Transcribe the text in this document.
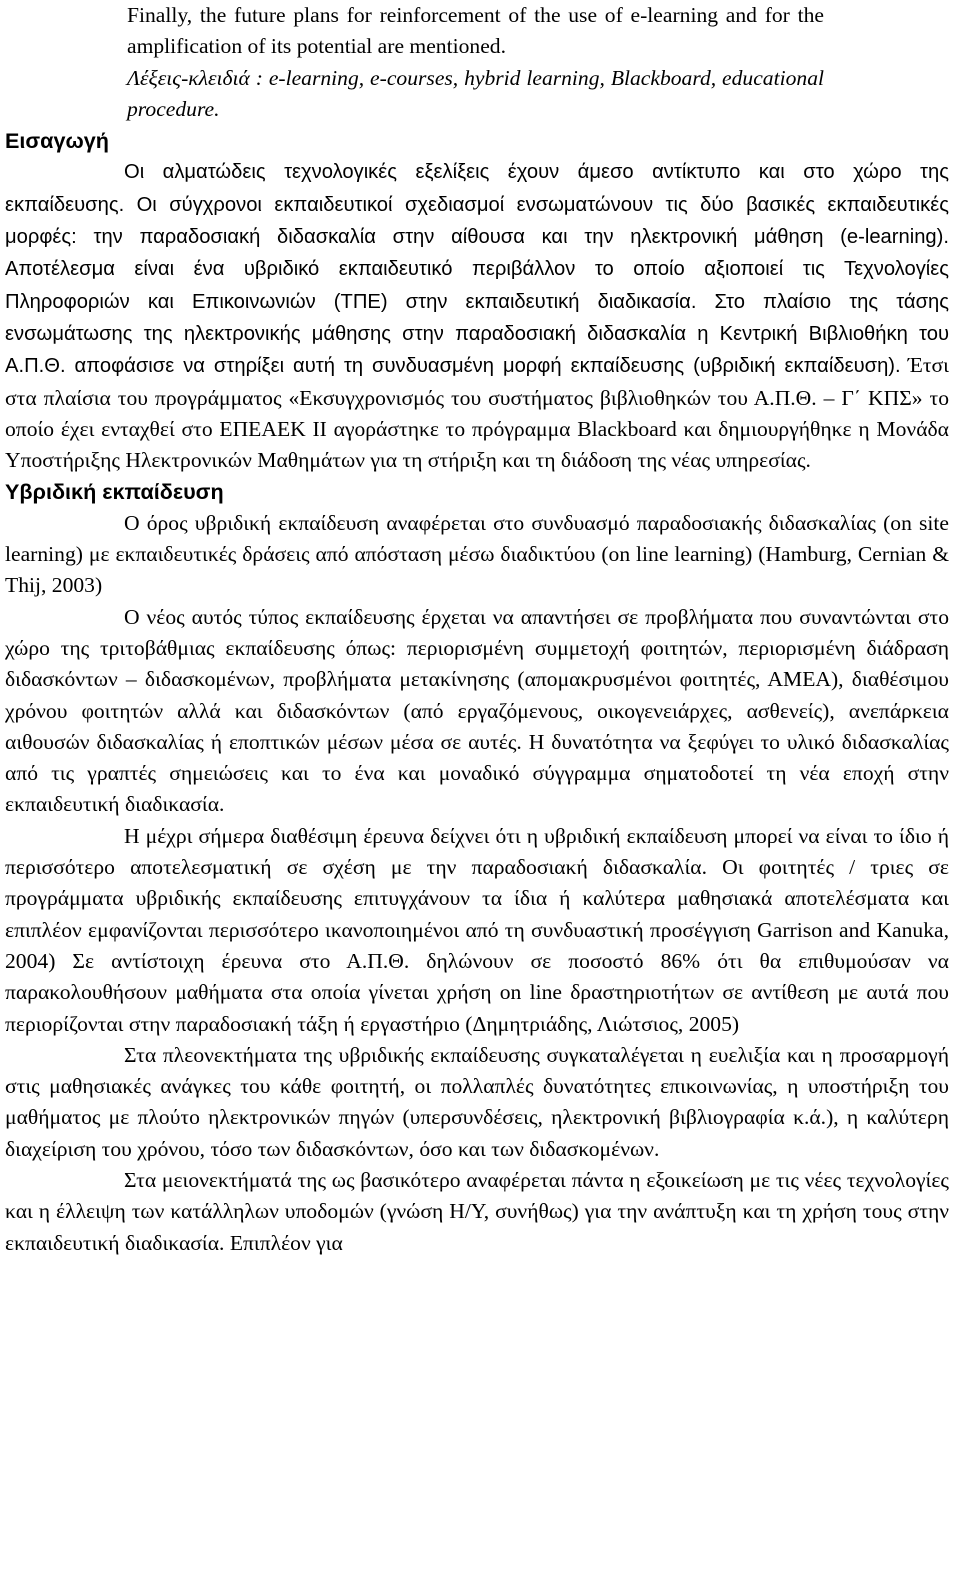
Finally, the future plans for reinforcement of the use of e-learning and for the amplification of its potential are mentioned.

Λέξεις-κλειδιά : e-learning, e-courses, hybrid learning, Blackboard, educational procedure.

Εισαγωγή

Οι αλματώδεις τεχνολογικές εξελίξεις έχουν άμεσο αντίκτυπο και στο χώρο της εκπαίδευσης. Οι σύγχρονοι εκπαιδευτικοί σχεδιασμοί ενσωματώνουν τις δύο βασικές εκπαιδευτικές μορφές: την παραδοσιακή διδασκαλία στην αίθουσα και την ηλεκτρονική μάθηση (e-learning). Αποτέλεσμα είναι ένα υβριδικό εκπαιδευτικό περιβάλλον το οποίο αξιοποιεί τις Τεχνολογίες Πληροφοριών και Επικοινωνιών (ΤΠΕ) στην εκπαιδευτική διαδικασία. Στο πλαίσιο της τάσης ενσωμάτωσης της ηλεκτρονικής μάθησης στην παραδοσιακή διδασκαλία η Κεντρική Βιβλιοθήκη του Α.Π.Θ. αποφάσισε να στηρίξει αυτή τη συνδυασμένη μορφή εκπαίδευσης (υβριδική εκπαίδευση). Έτσι στα πλαίσια του προγράμματος «Εκσυγχρονισμός του συστήματος βιβλιοθηκών του Α.Π.Θ. – Γ΄ ΚΠΣ» το οποίο έχει ενταχθεί στο ΕΠΕΑΕΚ ΙΙ αγοράστηκε το πρόγραμμα Blackboard και δημιουργήθηκε η Μονάδα Υποστήριξης Ηλεκτρονικών Μαθημάτων για τη στήριξη και τη διάδοση της νέας υπηρεσίας.

Υβριδική εκπαίδευση

Ο όρος υβριδική εκπαίδευση αναφέρεται στο συνδυασμό παραδοσιακής διδασκαλίας (on site learning) με εκπαιδευτικές δράσεις από απόσταση μέσω διαδικτύου (on line learning) (Hamburg, Cernian & Thij, 2003)

Ο νέος αυτός τύπος εκπαίδευσης έρχεται να απαντήσει σε προβλήματα που συναντώνται στο χώρο της τριτοβάθμιας εκπαίδευσης όπως: περιορισμένη συμμετοχή φοιτητών, περιορισμένη διάδραση διδασκόντων – διδασκομένων, προβλήματα μετακίνησης (απομακρυσμένοι φοιτητές, ΑΜΕΑ), διαθέσιμου χρόνου φοιτητών αλλά και διδασκόντων (από εργαζόμενους, οικογενειάρχες, ασθενείς), ανεπάρκεια αιθουσών διδασκαλίας ή εποπτικών μέσων μέσα σε αυτές. Η δυνατότητα να ξεφύγει το υλικό διδασκαλίας από τις γραπτές σημειώσεις και το ένα και μοναδικό σύγγραμμα σηματοδοτεί τη νέα εποχή στην εκπαιδευτική διαδικασία.

Η μέχρι σήμερα διαθέσιμη έρευνα δείχνει ότι η υβριδική εκπαίδευση μπορεί να είναι το ίδιο ή περισσότερο αποτελεσματική σε σχέση με την παραδοσιακή διδασκαλία. Οι φοιτητές / τριες σε προγράμματα υβριδικής εκπαίδευσης επιτυγχάνουν τα ίδια ή καλύτερα μαθησιακά αποτελέσματα και επιπλέον εμφανίζονται περισσότερο ικανοποιημένοι από τη συνδυαστική προσέγγιση Garrison and Kanuka, 2004) Σε αντίστοιχη έρευνα στο Α.Π.Θ. δηλώνουν σε ποσοστό 86% ότι θα επιθυμούσαν να παρακολουθήσουν μαθήματα στα οποία γίνεται χρήση on line δραστηριοτήτων σε αντίθεση με αυτά που περιορίζονται στην παραδοσιακή τάξη ή εργαστήριο (Δημητριάδης, Λιώτσιος, 2005)

Στα πλεονεκτήματα της υβριδικής εκπαίδευσης συγκαταλέγεται η ευελιξία και η προσαρμογή στις μαθησιακές ανάγκες του κάθε φοιτητή, οι πολλαπλές δυνατότητες επικοινωνίας, η υποστήριξη του μαθήματος με πλούτο ηλεκτρονικών πηγών (υπερσυνδέσεις, ηλεκτρονική βιβλιογραφία κ.ά.), η καλύτερη διαχείριση του χρόνου, τόσο των διδασκόντων, όσο και των διδασκομένων.

Στα μειονεκτήματά της ως βασικότερο αναφέρεται πάντα η εξοικείωση με τις νέες τεχνολογίες και η έλλειψη των κατάλληλων υποδομών (γνώση Η/Υ, συνήθως) για την ανάπτυξη και τη χρήση τους στην εκπαιδευτική διαδικασία. Επιπλέον για
